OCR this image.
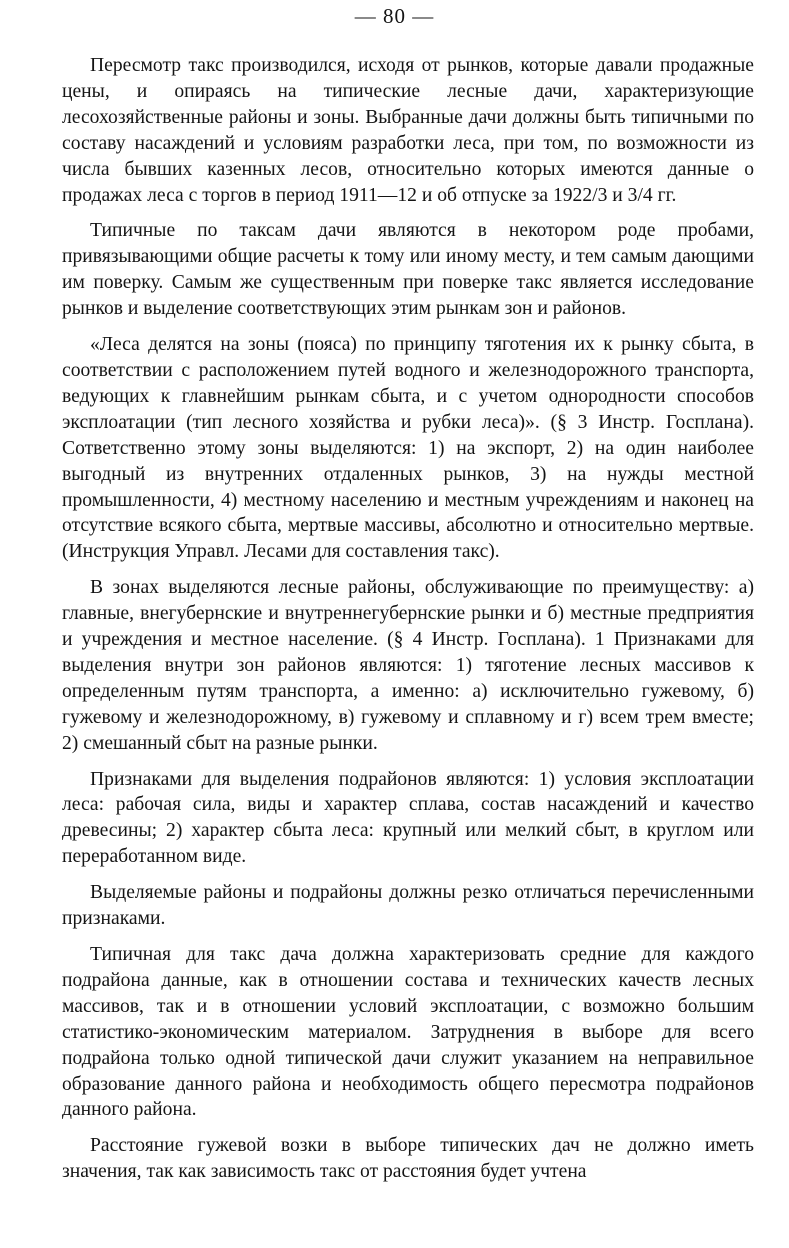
— 80 —

Пересмотр такс производился, исходя от рынков, которые давали продажные цены, и опираясь на типические лесные дачи, характеризующие лесохозяйственные районы и зоны. Выбранные дачи должны быть типичными по составу насаждений и условиям разработки леса, при том, по возможности из числа бывших казенных лесов, относительно которых имеются данные о продажах леса с торгов в период 1911—12 и об отпуске за 1922/3 и 3/4 гг.

Типичные по таксам дачи являются в некотором роде пробами, привязывающими общие расчеты к тому или иному месту, и тем самым дающими им поверку. Самым же существенным при поверке такс является исследование рынков и выделение соответствующих этим рынкам зон и районов.

«Леса делятся на зоны (пояса) по принципу тяготения их к рынку сбыта, в соответствии с расположением путей водного и железнодорожного транспорта, ведующих к главнейшим рынкам сбыта, и с учетом однородности способов эксплоатации (тип лесного хозяйства и рубки леса)». (§ 3 Инстр. Госплана). Сответственно этому зоны выделяются: 1) на экспорт, 2) на один наиболее выгодный из внутренних отдаленных рынков, 3) на нужды местной промышленности, 4) местному населению и местным учреждениям и наконец на отсутствие всякого сбыта, мертвые массивы, абсолютно и относительно мертвые. (Инструкция Управл. Лесами для составления такс).

В зонах выделяются лесные районы, обслуживающие по преимуществу: а) главные, внегубернские и внутреннегубернские рынки и б) местные предприятия и учреждения и местное население. (§ 4 Инстр. Госплана). 1 Признаками для выделения внутри зон районов являются: 1) тяготение лесных массивов к определенным путям транспорта, а именно: а) исключительно гужевому, б) гужевому и железнодорожному, в) гужевому и сплавному и г) всем трем вместе; 2) смешанный сбыт на разные рынки.

Признаками для выделения подрайонов являются: 1) условия эксплоатации леса: рабочая сила, виды и характер сплава, состав насаждений и качество древесины; 2) характер сбыта леса: крупный или мелкий сбыт, в круглом или переработанном виде.

Выделяемые районы и подрайоны должны резко отличаться перечисленными признаками.

Типичная для такс дача должна характеризовать средние для каждого подрайона данные, как в отношении состава и технических качеств лесных массивов, так и в отношении условий эксплоатации, с возможно большим статистико-экономическим материалом. Затруднения в выборе для всего подрайона только одной типической дачи служит указанием на неправильное образование данного района и необходимость общего пересмотра подрайонов данного района.

Расстояние гужевой возки в выборе типических дач не должно иметь значения, так как зависимость такс от расстояния будет учтена
